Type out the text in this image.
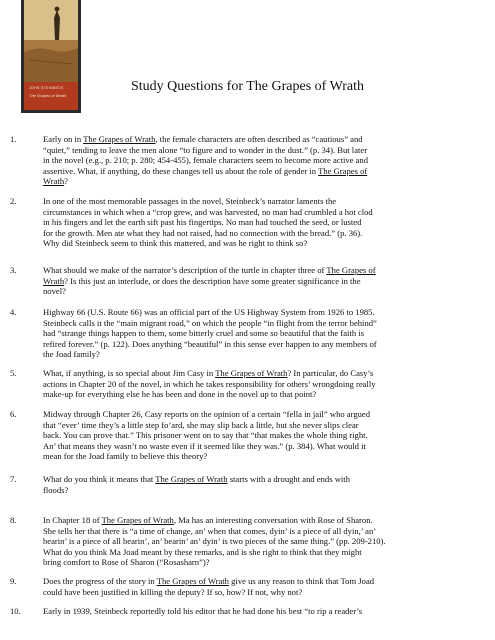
JOHN STEINBECK
The Grapes of Wrath
Study Questions for The Grapes of Wrath
1.	Early on in The Grapes of Wrath, the female characters are often described as “cautious” and
“quiet,” tending to leave the men alone “to figure and to wonder in the dust.” (p. 34). But later
in the novel (e.g., p. 210; p. 280; 454-455), female characters seem to become more active and
assertive. What, if anything, do these changes tell us about the role of gender in The Grapes of
Wrath?
2.	In one of the most memorable passages in the novel, Steinbeck’s narrator laments the
circumstances in which when a “crop grew, and was harvested, no man had crumbled a hot clod
in his fingers and let the earth sift past his fingertips. No man had touched the seed, or lusted
for the growth. Men ate what they had not raised, had no connection with the bread.” (p. 36).
Why did Steinbeck seem to think this mattered, and was he right to think so?
3.	What should we make of the narrator’s description of the turtle in chapter three of The Grapes of
Wrath? Is this just an interlude, or does the description have some greater significance in the
novel?
4.	Highway 66 (U.S. Route 66) was an official part of the US Highway System from 1926 to 1985.
Steinbeck calls it the “main migrant road,” on which the people “in flight from the terror behind”
had “strange things happen to them, some bitterly cruel and some so beautiful that the faith is
refired forever.” (p. 122). Does anything “beautiful” in this sense ever happen to any members of
the Joad family?
5.	What, if anything, is so special about Jim Casy in The Grapes of Wrath? In particular, do Casy’s
actions in Chapter 20 of the novel, in which he takes responsibility for others’ wrongdoing really
make-up for everything else he has been and done in the novel up to that point?
6.	Midway through Chapter 26, Casy reports on the opinion of a certain “fella in jail” who argued
that “ever’ time they’s a little step fo’ard, she may slip back a little, but she never slips clear
back. You can prove that.” This prisoner went on to say that “that makes the whole thing right.
An’ that means they wasn’t no waste even if it seemed like they was.” (p. 384). What would it
mean for the Joad family to believe this theory?
7.	What do you think it means that The Grapes of Wrath starts with a drought and ends with
floods?
8.	In Chapter 18 of The Grapes of Wrath, Ma has an interesting conversation with Rose of Sharon.
She tells her that there is “a time of change, an’ when that comes, dyin’ is a piece of all dyin,’ an’
bearin’ is a piece of all bearin’, an’ bearin’ an’ dyin’ is two pieces of the same thing.” (pp. 209-210).
What do you think Ma Joad meant by these remarks, and is she right to think that they might
bring comfort to Rose of Sharon (“Rosasharn”)?
9.	Does the progress of the story in The Grapes of Wrath give us any reason to think that Tom Joad
could have been justified in killing the deputy? If so, how? If not, why not?
10.	Early in 1939, Steinbeck reportedly told his editor that he had done his best “to rip a reader’s
